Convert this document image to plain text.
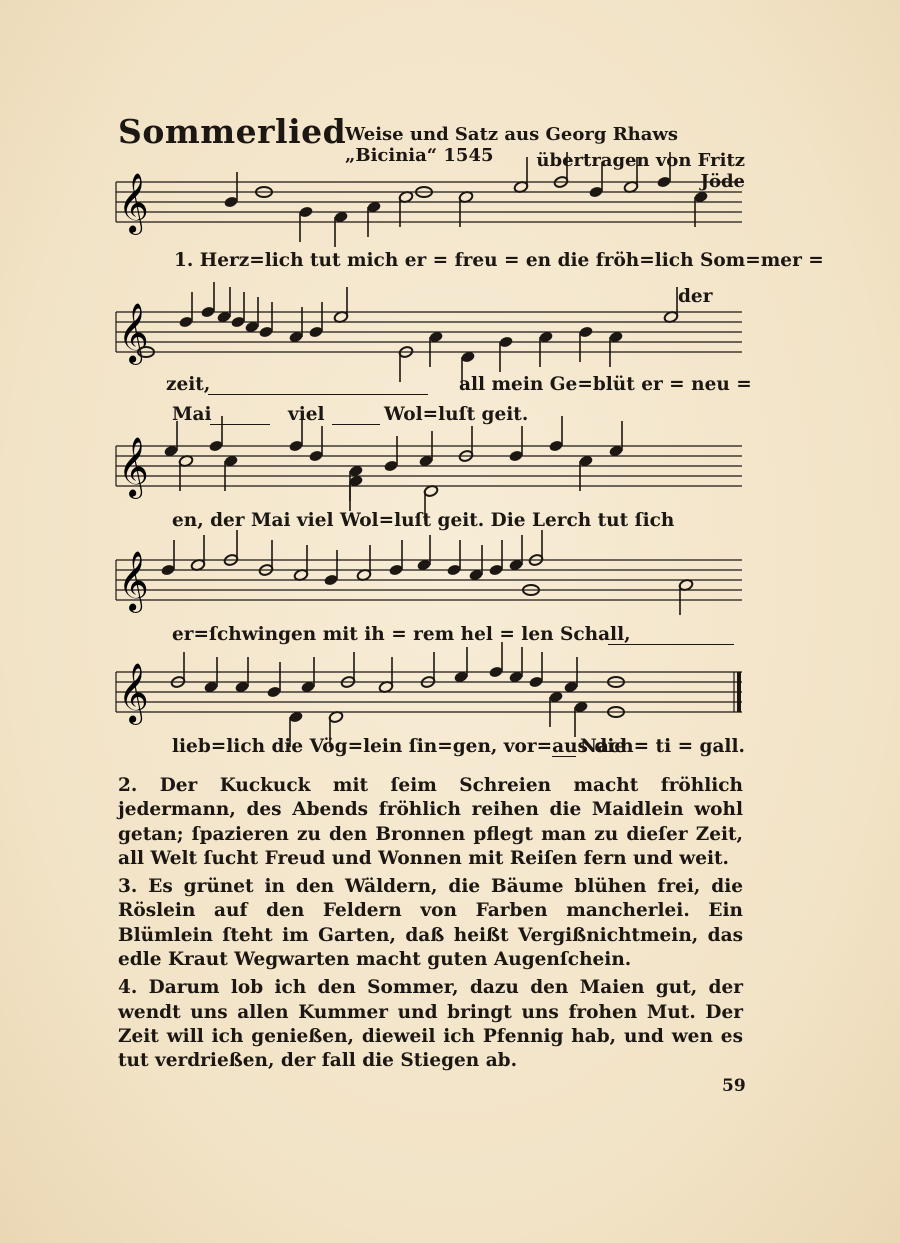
Sommerlied
Weise und Satz aus Georg Rhaws „Bicinia“ 1545	übertragen von Fritz Jöde
𝄞
der
1. Herz=lich tut mich er = freu = en die fröh=lich Som=mer =
𝄞
zeit,	all mein Ge=blüt er = neu =
Mai	viel	Wol=luſt geit.
𝄞
en, der Mai viel Wol=luſt geit. Die Lerch tut ſich
𝄞
er=ſchwingen mit ih = rem hel = len Schall,
𝄞
lieb=lich die Vög=lein ſin=gen, vor=aus die
Nach= ti = gall.

2. Der Kuckuck mit ſeim Schreien macht fröhlich jedermann, des Abends fröhlich reihen die Maidlein wohl getan; ſpazieren zu den Bronnen pflegt man zu dieſer Zeit, all Welt ſucht Freud und Wonnen mit Reiſen fern und weit.

3. Es grünet in den Wäldern, die Bäume blühen frei, die Röslein auf den Feldern von Farben mancherlei. Ein Blümlein ſteht im Garten, daß heißt Vergißnichtmein, das edle Kraut Wegwarten macht guten Augenſchein.

4. Darum lob ich den Sommer, dazu den Maien gut, der wendt uns allen Kummer und bringt uns frohen Mut. Der Zeit will ich genießen, dieweil ich Pfennig hab, und wen es tut verdrießen, der fall die Stiegen ab.

59
